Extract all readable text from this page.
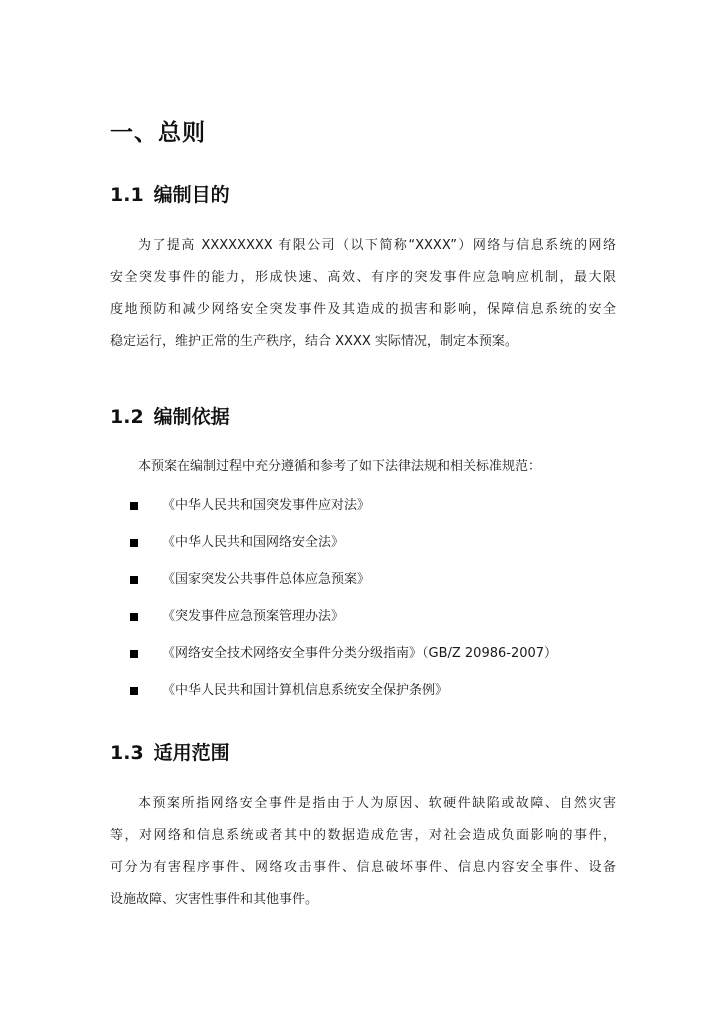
一、总则
1.1 编制目的
为了提高 XXXXXXXX 有限公司（以下简称“XXXX”）网络与信息系统的网络
安全突发事件的能力，形成快速、高效、有序的突发事件应急响应机制，最大限
度地预防和减少网络安全突发事件及其造成的损害和影响，保障信息系统的安全
稳定运行，维护正常的生产秩序，结合 XXXX 实际情况，制定本预案。
1.2 编制依据
本预案在编制过程中充分遵循和参考了如下法律法规和相关标准规范：
《中华人民共和国突发事件应对法》
《中华人民共和国网络安全法》
《国家突发公共事件总体应急预案》
《突发事件应急预案管理办法》
《网络安全技术网络安全事件分类分级指南》（GB/Z 20986-2007）
《中华人民共和国计算机信息系统安全保护条例》
1.3 适用范围
本预案所指网络安全事件是指由于人为原因、软硬件缺陷或故障、自然灾害
等，对网络和信息系统或者其中的数据造成危害，对社会造成负面影响的事件，
可分为有害程序事件、网络攻击事件、信息破坏事件、信息内容安全事件、设备
设施故障、灾害性事件和其他事件。
